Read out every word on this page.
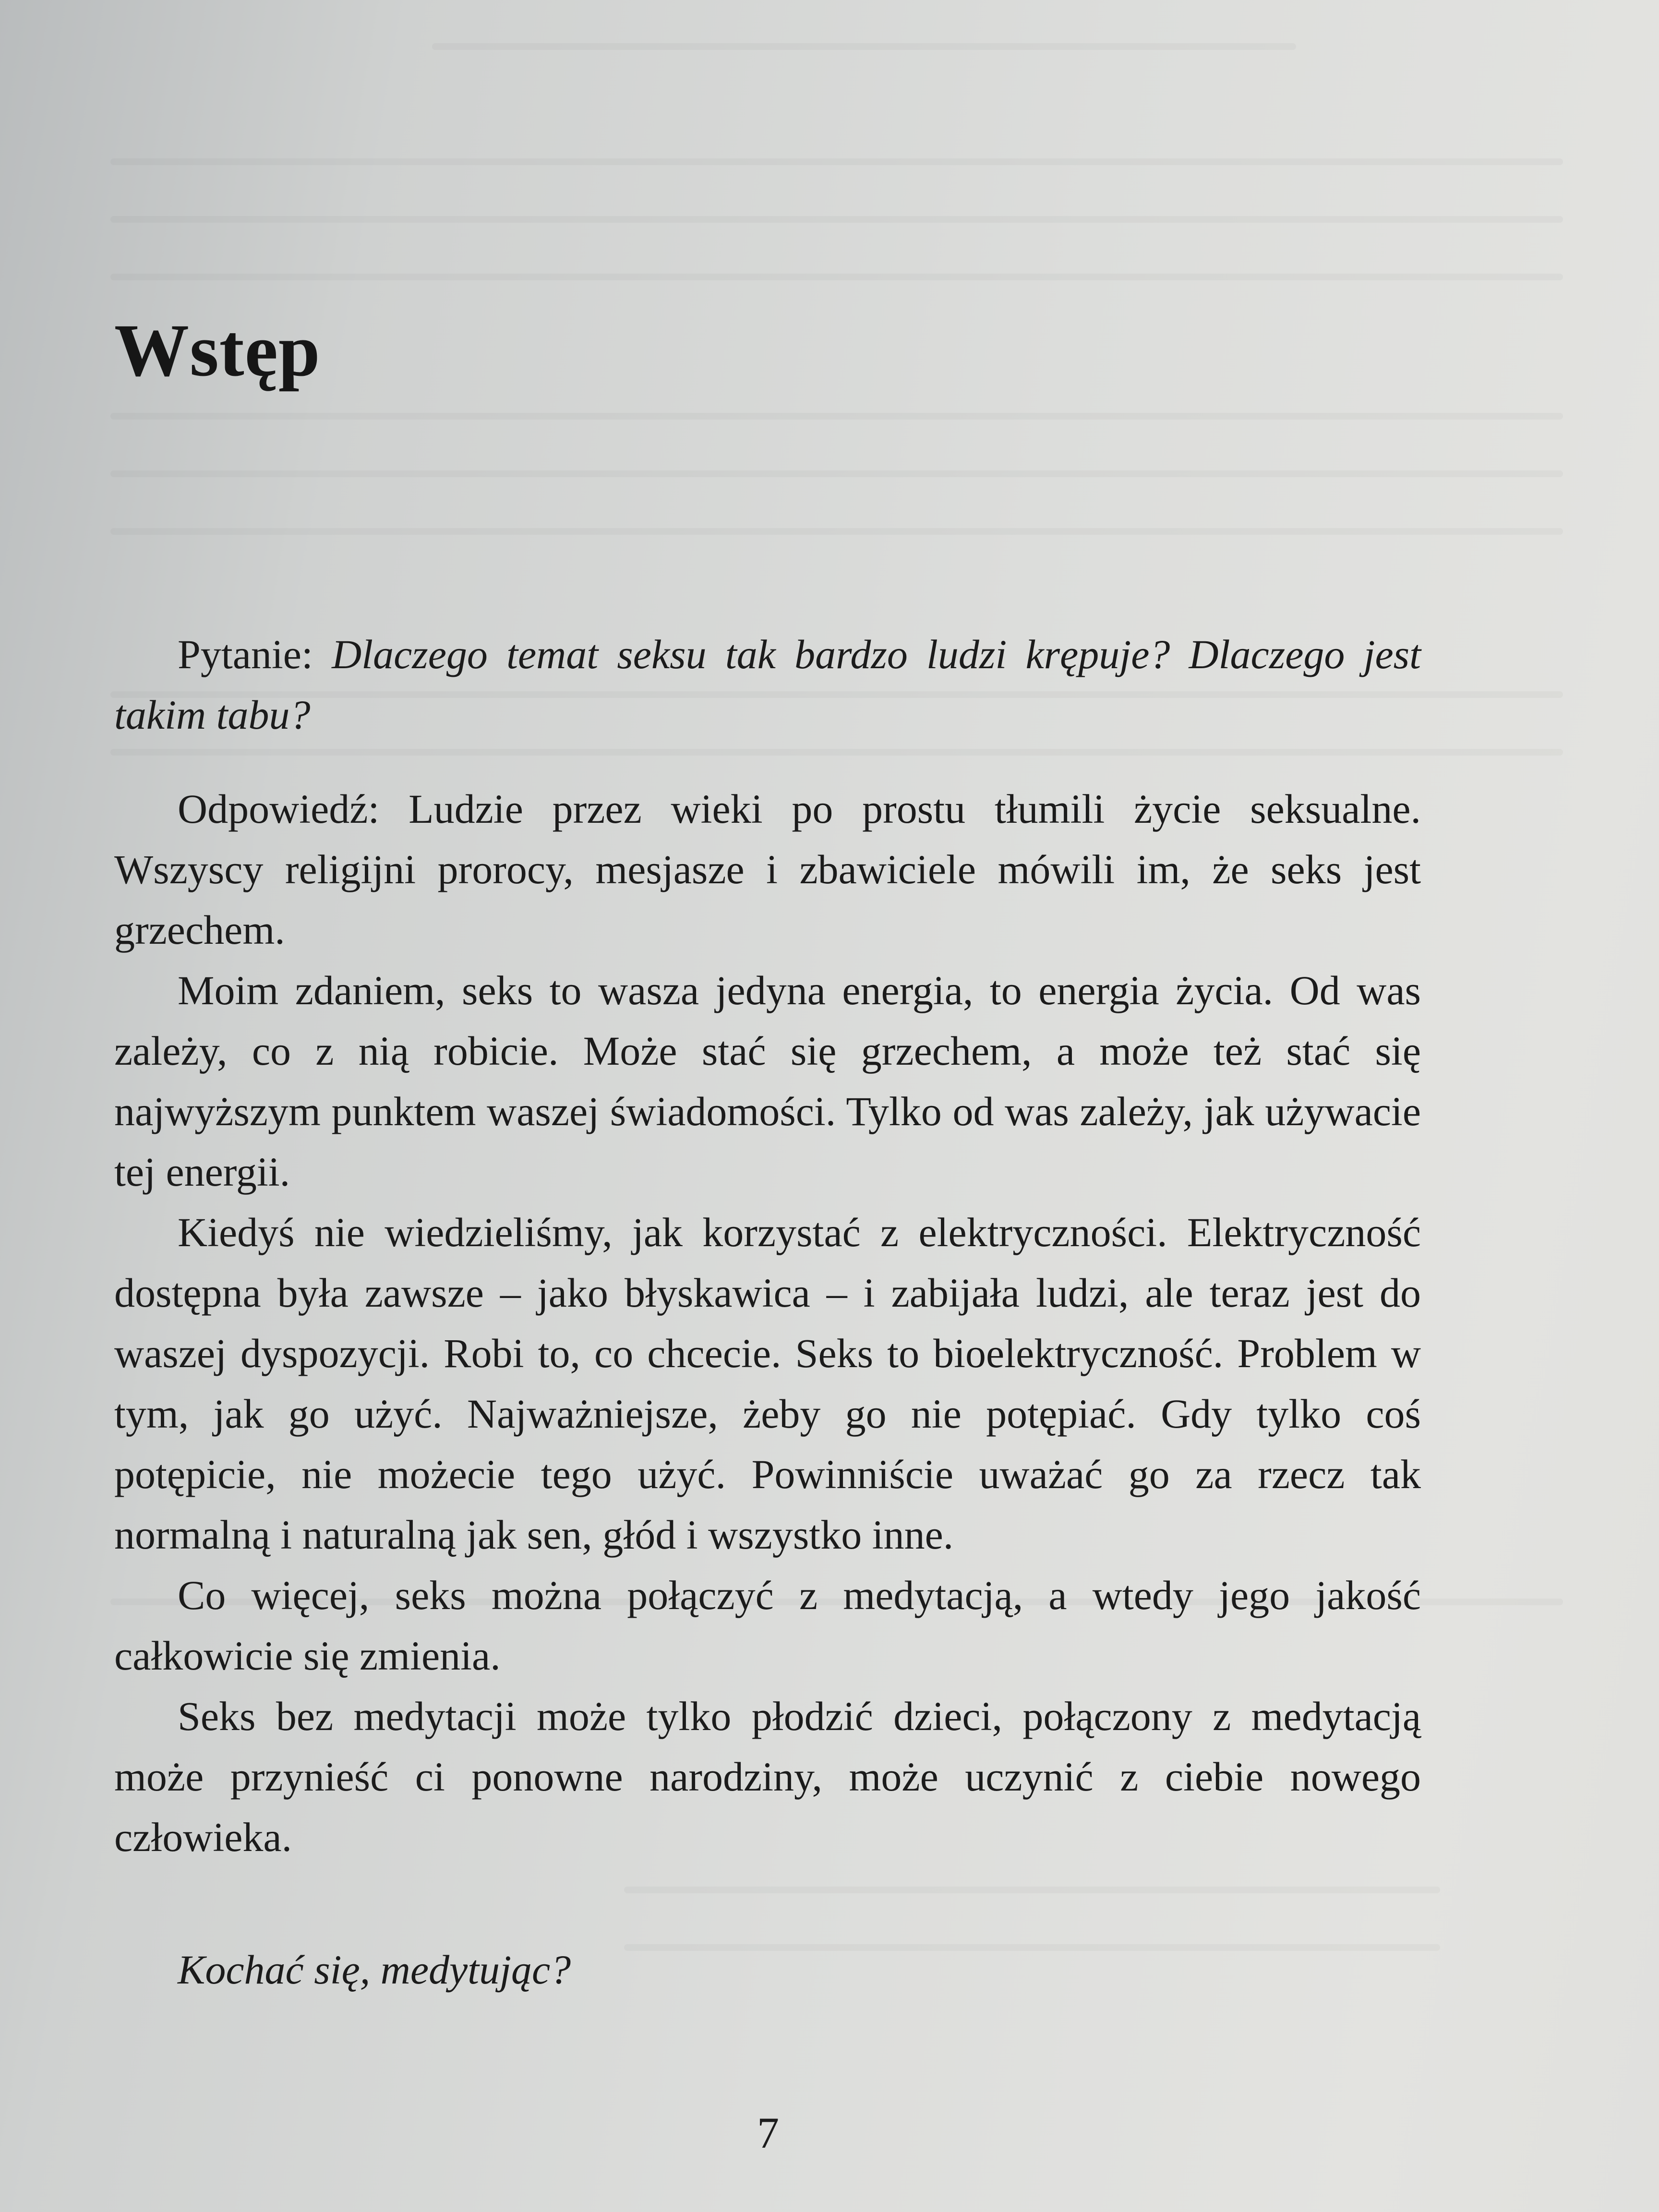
Wstęp

Pytanie: Dlaczego temat seksu tak bardzo ludzi krępuje? Dlaczego jest takim tabu?

Odpowiedź: Ludzie przez wieki po prostu tłumili życie seksualne. Wszyscy religijni prorocy, mesjasze i zbawiciele mówili im, że seks jest grzechem.

Moim zdaniem, seks to wasza jedyna energia, to energia życia. Od was zależy, co z nią robicie. Może stać się grzechem, a może też stać się najwyższym punktem waszej świadomości. Tylko od was zależy, jak używacie tej energii.

Kiedyś nie wiedzieliśmy, jak korzystać z elektryczności. Elektryczność dostępna była zawsze – jako błyskawica – i zabijała ludzi, ale teraz jest do waszej dyspozycji. Robi to, co chcecie. Seks to bioelektryczność. Problem w tym, jak go użyć. Najważniejsze, żeby go nie potępiać. Gdy tylko coś potępicie, nie możecie tego użyć. Powinniście uważać go za rzecz tak normalną i naturalną jak sen, głód i wszystko inne.

Co więcej, seks można połączyć z medytacją, a wtedy jego jakość całkowicie się zmienia.

Seks bez medytacji może tylko płodzić dzieci, połączony z medytacją może przynieść ci ponowne narodziny, może uczynić z ciebie nowego człowieka.

Kochać się, medytując?

7
